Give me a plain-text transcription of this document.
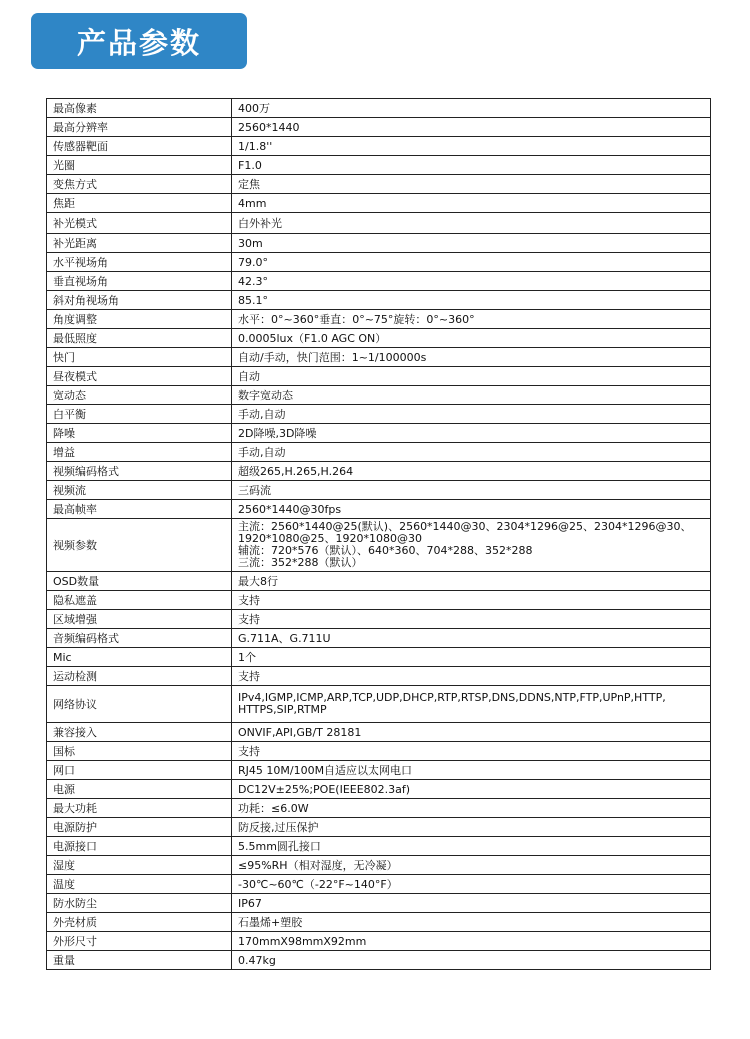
产品参数
最高像素	400万
最高分辨率	2560*1440
传感器靶面	1/1.8''
光圈	F1.0
变焦方式	定焦
焦距	4mm
补光模式	白外补光
补光距离	30m
水平视场角	79.0°
垂直视场角	42.3°
斜对角视场角	85.1°
角度调整	水平：0°~360°垂直：0°~75°旋转：0°~360°
最低照度	0.0005lux（F1.0 AGC ON）
快门	自动/手动，快门范围：1~1/100000s
昼夜模式	自动
宽动态	数字宽动态
白平衡	手动,自动
降噪	2D降噪,3D降噪
增益	手动,自动
视频编码格式	超级265,H.265,H.264
视频流	三码流
最高帧率	2560*1440@30fps
视频参数	主流：2560*1440@25(默认)、2560*1440@30、2304*1296@25、2304*1296@30、
1920*1080@25、1920*1080@30
辅流：720*576（默认）、640*360、704*288、352*288
三流：352*288（默认）
OSD数量	最大8行
隐私遮盖	支持
区域增强	支持
音频编码格式	G.711A、G.711U
Mic	1个
运动检测	支持
网络协议	IPv4,IGMP,ICMP,ARP,TCP,UDP,DHCP,RTP,RTSP,DNS,DDNS,NTP,FTP,UPnP,HTTP,
HTTPS,SIP,RTMP
兼容接入	ONVIF,API,GB/T 28181
国标	支持
网口	RJ45 10M/100M自适应以太网电口
电源	DC12V±25%;POE(IEEE802.3af)
最大功耗	功耗：≤6.0W
电源防护	防反接,过压保护
电源接口	5.5mm圆孔接口
湿度	≤95%RH（相对湿度，无冷凝）
温度	-30℃~60℃（-22°F~140°F）
防水防尘	IP67
外壳材质	石墨烯+塑胶
外形尺寸	170mmX98mmX92mm
重量	0.47kg
